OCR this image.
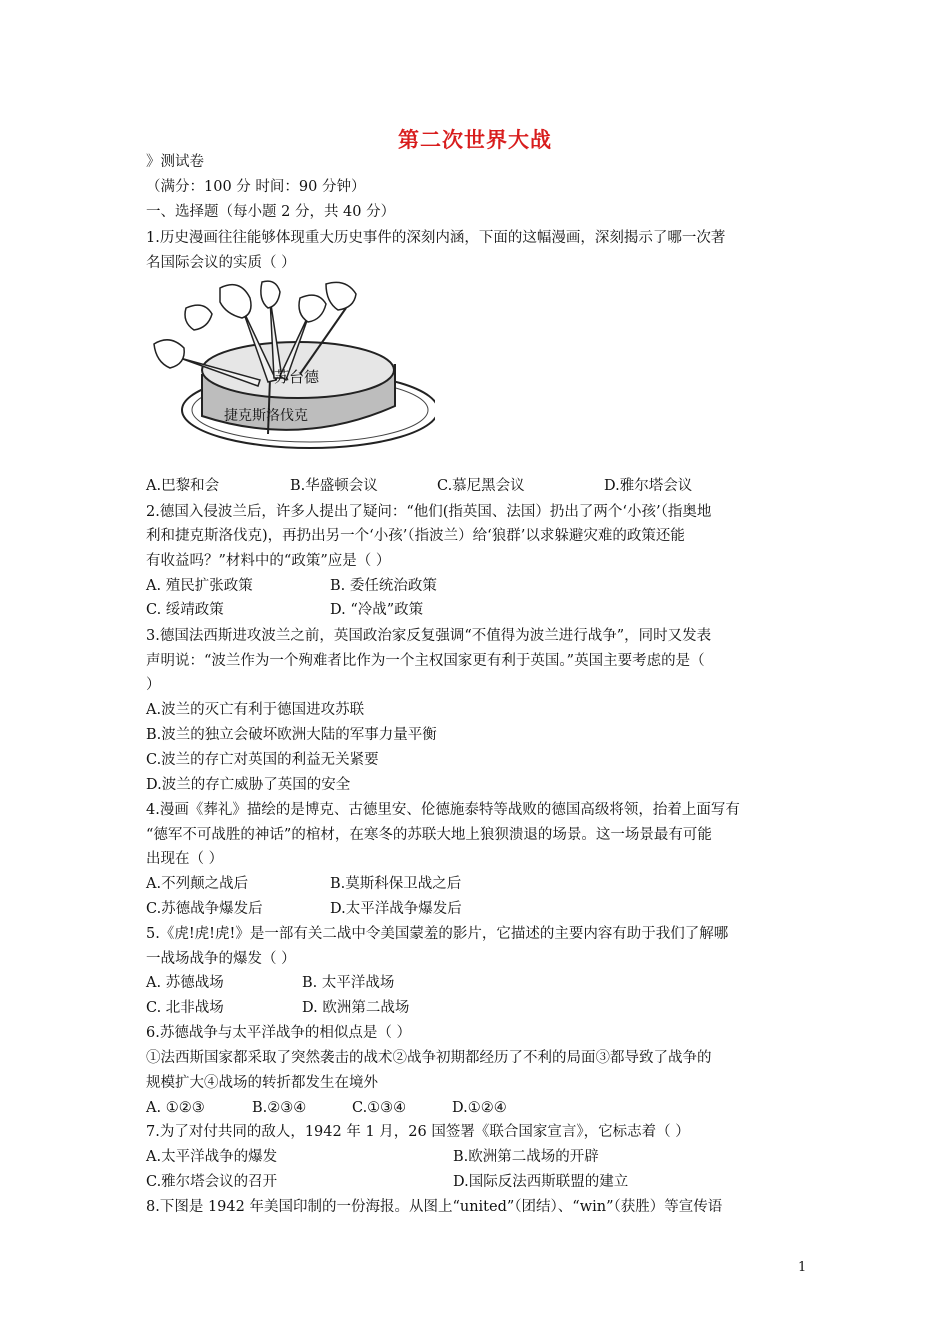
第二次世界大战
》测试卷
（满分：100 分 时间：90 分钟）
一、选择题（每小题 2 分，共 40 分）
1.历史漫画往往能够体现重大历史事件的深刻内涵，下面的这幅漫画，深刻揭示了哪一次著
名国际会议的实质（ ）
苏台德
捷克斯洛伐克
A.巴黎和会	B.华盛顿会议	C.慕尼黑会议	D.雅尔塔会议
2.德国入侵波兰后，许多人提出了疑问：“他们(指英国、法国）扔出了两个‘小孩’（指奥地
利和捷克斯洛伐克)，再扔出另一个‘小孩’（指波兰）给‘狼群’以求躲避灾难的政策还能
有收益吗？”材料中的“政策”应是（ ）
A. 殖民扩张政策	B. 委任统治政策
C. 绥靖政策	D. “冷战”政策
3.德国法西斯进攻波兰之前，英国政治家反复强调“不值得为波兰进行战争”，同时又发表
声明说：“波兰作为一个殉难者比作为一个主权国家更有利于英国。”英国主要考虑的是（
）
A.波兰的灭亡有利于德国进攻苏联
B.波兰的独立会破坏欧洲大陆的军事力量平衡
C.波兰的存亡对英国的利益无关紧要
D.波兰的存亡威胁了英国的安全
4.漫画《葬礼》描绘的是博克、古德里安、伦德施泰特等战败的德国高级将领，抬着上面写有
“德军不可战胜的神话”的棺材，在寒冬的苏联大地上狼狈溃退的场景。这一场景最有可能
出现在（ ）
A.不列颠之战后	B.莫斯科保卫战之后
C.苏德战争爆发后	D.太平洋战争爆发后
5.《虎!虎!虎!》是一部有关二战中令美国蒙羞的影片，它描述的主要内容有助于我们了解哪
一战场战争的爆发（ ）
A. 苏德战场	B. 太平洋战场
C. 北非战场	D. 欧洲第二战场
6.苏德战争与太平洋战争的相似点是（ ）
①法西斯国家都采取了突然袭击的战术②战争初期都经历了不利的局面③都导致了战争的
规模扩大④战场的转折都发生在境外
A. ①②③	B.②③④	C.①③④	D.①②④
7.为了对付共同的敌人，1942 年 1 月，26 国签署《联合国家宣言》，它标志着（ ）
A.太平洋战争的爆发	B.欧洲第二战场的开辟
C.雅尔塔会议的召开	D.国际反法西斯联盟的建立
8.下图是 1942 年美国印制的一份海报。从图上“united”（团结）、“win”（获胜）等宣传语
1
